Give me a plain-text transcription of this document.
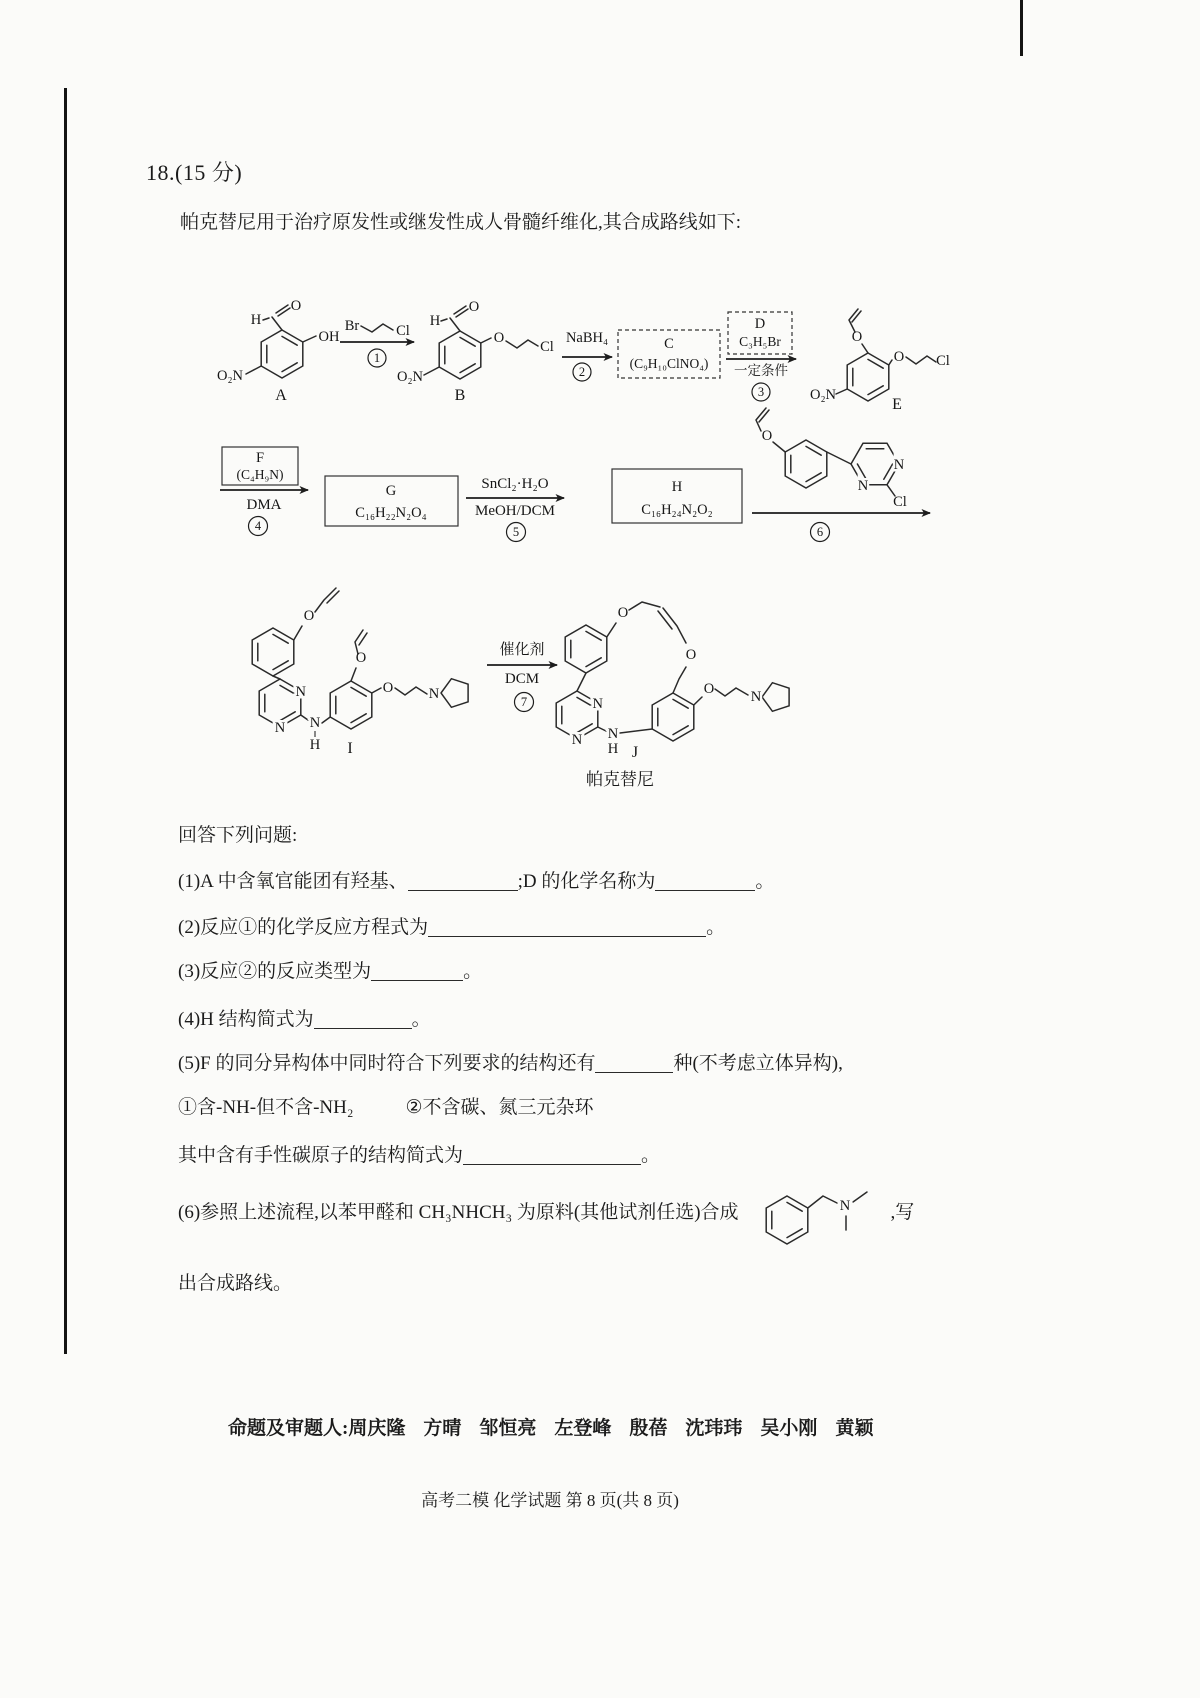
18.(15 分)
帕克替尼用于治疗原发性或继发性成人骨髓纤维化,其合成路线如下:
H
O
OH
O₂N
A
Br	Cl
1
H
O
O
Cl
O₂N
B
NaBH₄
2
C
(C₉H₁₀ClNO₄)
D
C₃H₅Br
一定条件
3
O
O Cl
O₂N
E
F
(C₄H₉N)
DMA
4
G
C₁₆H₂₂N₂O₄
SnCl₂·H₂O
MeOH/DCM
5
H
C₁₆H₂₄N₂O₂
O
N
N
Cl
6
O
N
N N
H
O
O N
I
催化剂
DCM
7
O
O
N
N N
H
O	N
J
帕克替尼
回答下列问题:
(1)A 中含氧官能团有羟基、	;D 的化学名称为	。
(2)反应①的化学反应方程式为	。
(3)反应②的反应类型为	。
(4)H 结构简式为	。
(5)F 的同分异构体中同时符合下列要求的结构还有	种(不考虑立体异构),
①含-NH-但不含-NH₂	②不含碳、氮三元杂环
其中含有手性碳原子的结构简式为	。
(6)参照上述流程,以苯甲醛和 CH₃NHCH₃ 为原料(其他试剂任选)合成	N ,写
出合成路线。
命题及审题人: 周庆隆 方晴 邹恒亮 左登峰 殷蓓 沈玮玮 吴小刚 黄颖
高考二模 化学试题 第 8 页(共 8 页)
